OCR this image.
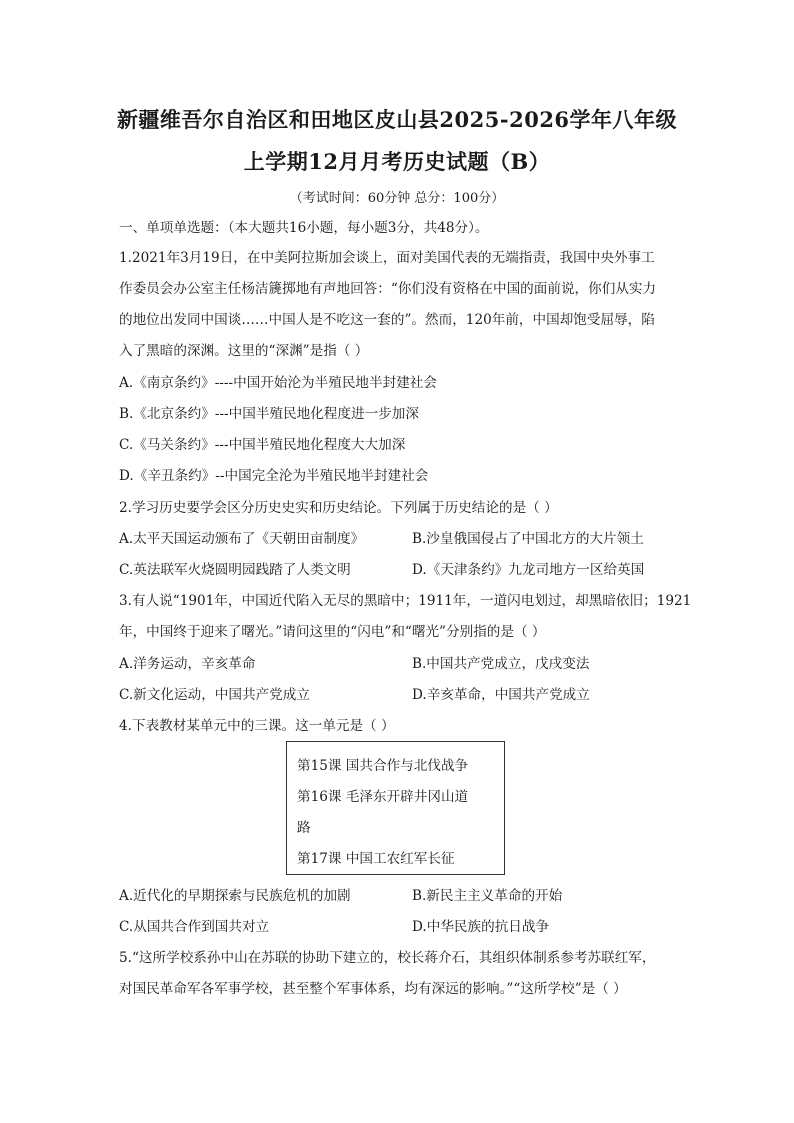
新疆维吾尔自治区和田地区皮山县2025-2026学年八年级
上学期12月月考历史试题（B）
（考试时间：60分钟 总分：100分）
一、单项单选题：（本大题共16小题，每小题3分，共48分）。
1.2021年3月19日，在中美阿拉斯加会谈上，面对美国代表的无端指责，我国中央外事工
作委员会办公室主任杨洁篪掷地有声地回答：“你们没有资格在中国的面前说，你们从实力
的地位出发同中国谈……中国人是不吃这一套的”。然而，120年前，中国却饱受屈辱，陷
入了黑暗的深渊。这里的“深渊”是指（ ）
A.《南京条约》----中国开始沦为半殖民地半封建社会
B.《北京条约》---中国半殖民地化程度进一步加深
C.《马关条约》---中国半殖民地化程度大大加深
D.《辛丑条约》--中国完全沦为半殖民地半封建社会
2.学习历史要学会区分历史史实和历史结论。下列属于历史结论的是（ ）
A.太平天国运动颁布了《天朝田亩制度》	B.沙皇俄国侵占了中国北方的大片领土
C.英法联军火烧圆明园践踏了人类文明	D.《天津条约》九龙司地方一区给英国
3.有人说“1901年，中国近代陷入无尽的黑暗中；1911年，一道闪电划过，却黑暗依旧；1921
年，中国终于迎来了曙光。”请问这里的“闪电”和“曙光”分别指的是（ ）
A.洋务运动，辛亥革命	B.中国共产党成立，戊戌变法
C.新文化运动，中国共产党成立	D.辛亥革命，中国共产党成立
4.下表教材某单元中的三课。这一单元是（ ）
第15课 国共合作与北伐战争
第16课 毛泽东开辟井冈山道
路
第17课 中国工农红军长征
A.近代化的早期探索与民族危机的加剧	B.新民主主义革命的开始
C.从国共合作到国共对立	D.中华民族的抗日战争
5.“这所学校系孙中山在苏联的协助下建立的，校长蒋介石，其组织体制系参考苏联红军，
对国民革命军各军事学校，甚至整个军事体系，均有深远的影响。”“这所学校”是（ ）
